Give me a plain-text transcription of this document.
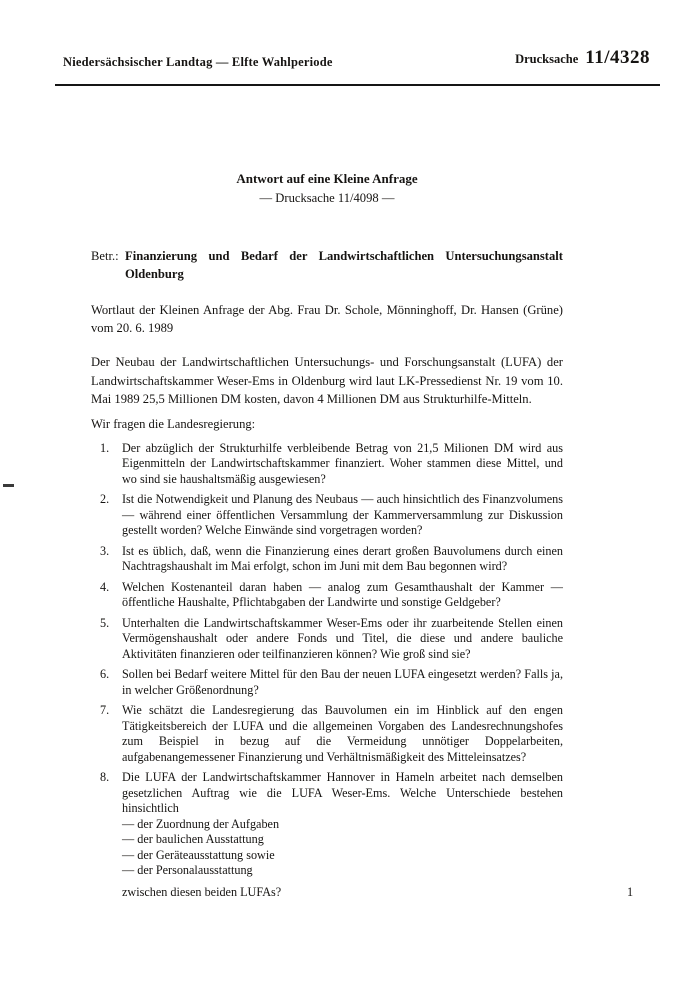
Niedersächsischer Landtag — Elfte Wahlperiode	Drucksache 11/4328
Antwort auf eine Kleine Anfrage
— Drucksache 11/4098 —
Betr.: Finanzierung und Bedarf der Landwirtschaftlichen Untersuchungsanstalt Oldenburg

Wortlaut der Kleinen Anfrage der Abg. Frau Dr. Schole, Mönninghoff, Dr. Hansen (Grüne) vom 20. 6. 1989

Der Neubau der Landwirtschaftlichen Untersuchungs- und Forschungsanstalt (LUFA) der Landwirtschaftskammer Weser-Ems in Oldenburg wird laut LK-Pressedienst Nr. 19 vom 10. Mai 1989 25,5 Millionen DM kosten, davon 4 Millionen DM aus Strukturhilfe-Mitteln.

Wir fragen die Landesregierung:

1. Der abzüglich der Strukturhilfe verbleibende Betrag von 21,5 Milionen DM wird aus Eigenmitteln der Landwirtschaftskammer finanziert. Woher stammen diese Mittel, und wo sind sie haushaltsmäßig ausgewiesen?
2. Ist die Notwendigkeit und Planung des Neubaus — auch hinsichtlich des Finanzvolumens — während einer öffentlichen Versammlung der Kammerversammlung zur Diskussion gestellt worden? Welche Einwände sind vorgetragen worden?
3. Ist es üblich, daß, wenn die Finanzierung eines derart großen Bauvolumens durch einen Nachtragshaushalt im Mai erfolgt, schon im Juni mit dem Bau begonnen wird?
4. Welchen Kostenanteil daran haben — analog zum Gesamthaushalt der Kammer — öffentliche Haushalte, Pflichtabgaben der Landwirte und sonstige Geldgeber?
5. Unterhalten die Landwirtschaftskammer Weser-Ems oder ihr zuarbeitende Stellen einen Vermögenshaushalt oder andere Fonds und Titel, die diese und andere bauliche Aktivitäten finanzieren oder teilfinanzieren können? Wie groß sind sie?
6. Sollen bei Bedarf weitere Mittel für den Bau der neuen LUFA eingesetzt werden? Falls ja, in welcher Größenordnung?
7. Wie schätzt die Landesregierung das Bauvolumen ein im Hinblick auf den engen Tätigkeitsbereich der LUFA und die allgemeinen Vorgaben des Landesrechnungshofes zum Beispiel in bezug auf die Vermeidung unnötiger Doppelarbeiten, aufgabenangemessener Finanzierung und Verhältnismäßigkeit des Mitteleinsatzes?
8. Die LUFA der Landwirtschaftskammer Hannover in Hameln arbeitet nach demselben gesetzlichen Auftrag wie die LUFA Weser-Ems. Welche Unterschiede bestehen hinsichtlich
— der Zuordnung der Aufgaben
— der baulichen Ausstattung
— der Geräteausstattung sowie
— der Personalausstattung
zwischen diesen beiden LUFAs?	1
